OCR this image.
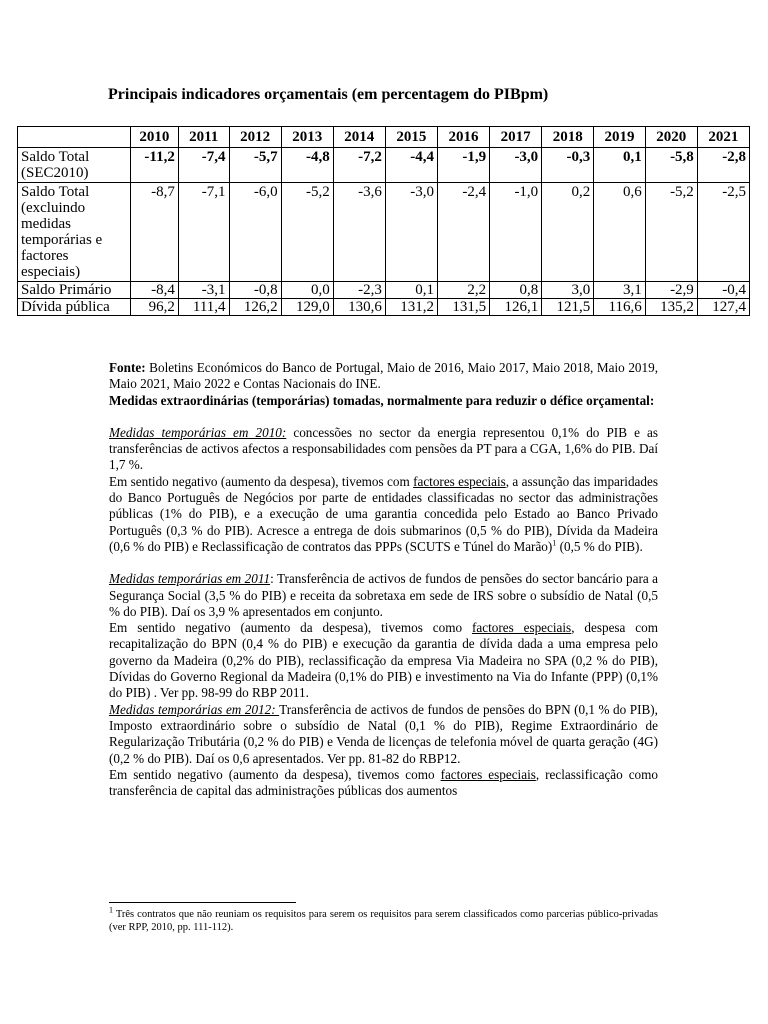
Principais indicadores orçamentais (em percentagem do PIBpm)
	2010	2011	2012	2013	2014	2015	2016	2017	2018	2019	2020	2021
Saldo Total (SEC2010)	-11,2	-7,4	-5,7	-4,8	-7,2	-4,4	-1,9	-3,0	-0,3	0,1	-5,8	-2,8
Saldo Total (excluindo medidas temporárias e factores especiais)	-8,7	-7,1	-6,0	-5,2	-3,6	-3,0	-2,4	-1,0	0,2	0,6	-5,2	-2,5
Saldo Primário	-8,4	-3,1	-0,8	0,0	-2,3	0,1	2,2	0,8	3,0	3,1	-2,9	-0,4
Dívida pública	96,2	111,4	126,2	129,0	130,6	131,2	131,5	126,1	121,5	116,6	135,2	127,4

Fonte: Boletins Económicos do Banco de Portugal, Maio de 2016, Maio 2017, Maio 2018, Maio 2019, Maio 2021, Maio 2022 e Contas Nacionais do INE.

Medidas extraordinárias (temporárias) tomadas, normalmente para reduzir o défice orçamental:

Medidas temporárias em 2010: concessões no sector da energia representou 0,1% do PIB e as transferências de activos afectos a responsabilidades com pensões da PT para a CGA, 1,6% do PIB. Daí 1,7 %.

Em sentido negativo (aumento da despesa), tivemos com factores especiais, a assunção das imparidades do Banco Português de Negócios por parte de entidades classificadas no sector das administrações públicas (1% do PIB), e a execução de uma garantia concedida pelo Estado ao Banco Privado Português (0,3 % do PIB). Acresce a entrega de dois submarinos (0,5 % do PIB), Dívida da Madeira (0,6 % do PIB) e Reclassificação de contratos das PPPs (SCUTS e Túnel do Marão)$^1$ (0,5 % do PIB).

Medidas temporárias em 2011: Transferência de activos de fundos de pensões do sector bancário para a Segurança Social (3,5 % do PIB) e receita da sobretaxa em sede de IRS sobre o subsídio de Natal (0,5 % do PIB). Daí os 3,9 % apresentados em conjunto.

Em sentido negativo (aumento da despesa), tivemos como factores especiais, despesa com recapitalização do BPN (0,4 % do PIB) e execução da garantia de dívida dada a uma empresa pelo governo da Madeira (0,2% do PIB), reclassificação da empresa Via Madeira no SPA (0,2 % do PIB), Dívidas do Governo Regional da Madeira (0,1% do PIB) e investimento na Via do Infante (PPP) (0,1% do PIB) . Ver pp. 98-99 do RBP 2011.

Medidas temporárias em 2012: Transferência de activos de fundos de pensões do BPN (0,1 % do PIB), Imposto extraordinário sobre o subsídio de Natal (0,1 % do PIB), Regime Extraordinário de Regularização Tributária (0,2 % do PIB) e Venda de licenças de telefonia móvel de quarta geração (4G) (0,2 % do PIB). Daí os 0,6 apresentados. Ver pp. 81-82 do RBP12.

Em sentido negativo (aumento da despesa), tivemos como factores especiais, reclassificação como transferência de capital das administrações públicas dos aumentos

$^1$ Três contratos que não reuniam os requisitos para serem os requisitos para serem classificados como parcerias público-privadas (ver RPP, 2010, pp. 111-112).
